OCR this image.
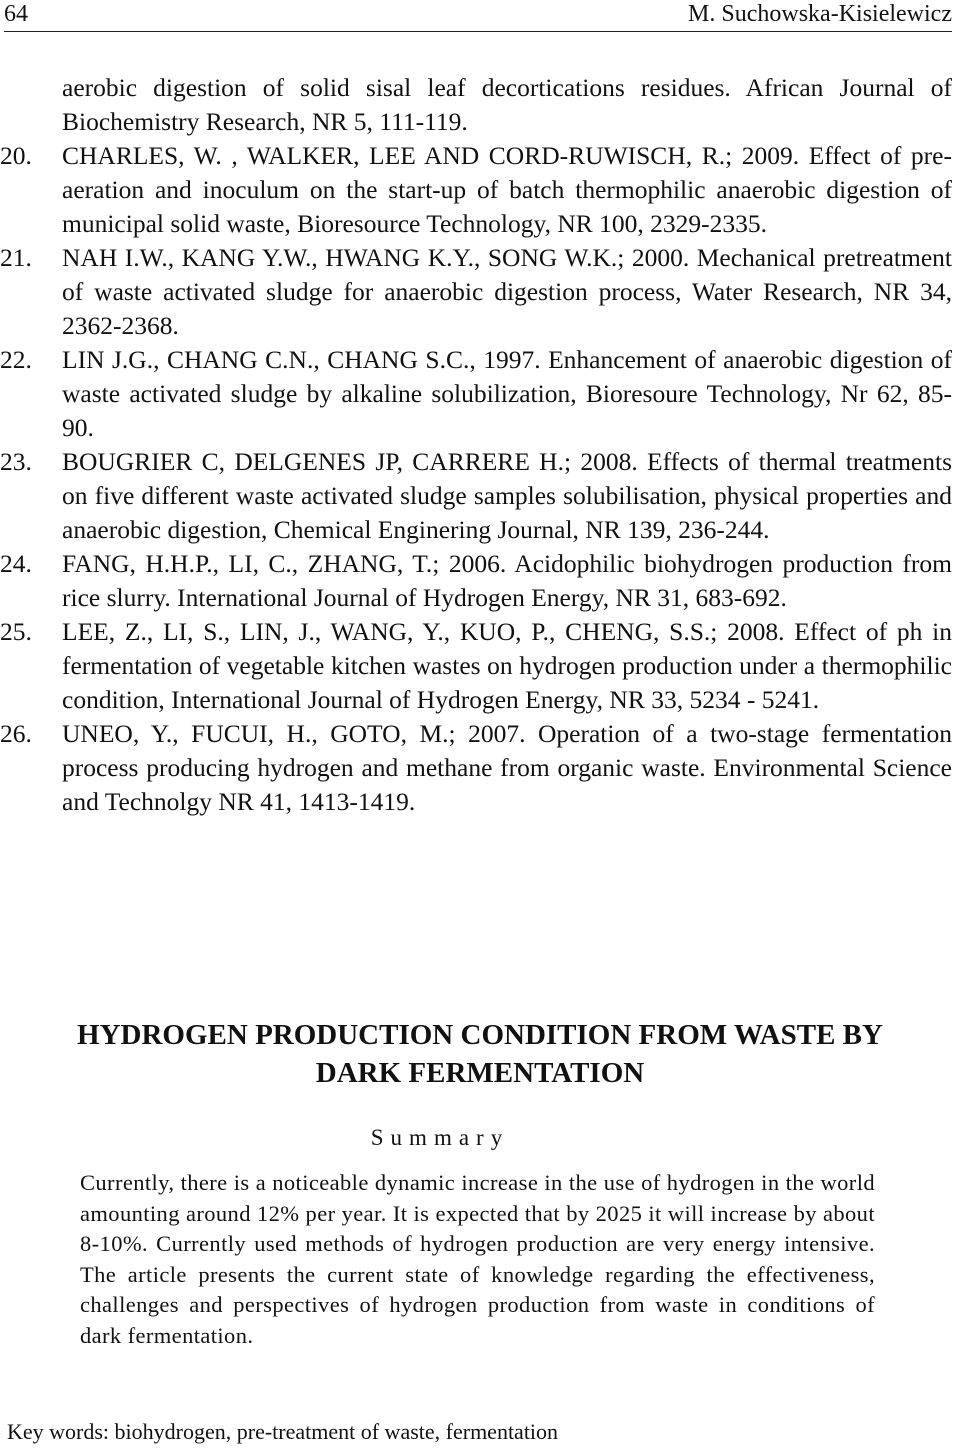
64	M. Suchowska-Kisielewicz

aerobic digestion of solid sisal leaf decortications residues. African Journal of Biochemistry Research, NR 5, 111-119.

20. CHARLES, W. , WALKER, LEE AND CORD-RUWISCH, R.; 2009. Effect of pre-aeration and inoculum on the start-up of batch thermophilic anaerobic digestion of municipal solid waste, Bioresource Technology, NR 100, 2329-2335.

21. NAH I.W., KANG Y.W., HWANG K.Y., SONG W.K.; 2000. Mechanical pretreatment of waste activated sludge for anaerobic digestion process, Water Research, NR 34, 2362-2368.

22. LIN J.G., CHANG C.N., CHANG S.C., 1997. Enhancement of anaerobic digestion of waste activated sludge by alkaline solubilization, Bioresoure Technology, Nr 62, 85-90.

23. BOUGRIER C, DELGENES JP, CARRERE H.; 2008. Effects of thermal treatments on five different waste activated sludge samples solubilisation, physical properties and anaerobic digestion, Chemical Enginering Journal, NR 139, 236-244.

24. FANG, H.H.P., LI, C., ZHANG, T.; 2006. Acidophilic biohydrogen production from rice slurry. International Journal of Hydrogen Energy, NR 31, 683-692.

25. LEE, Z., LI, S., LIN, J., WANG, Y., KUO, P., CHENG, S.S.; 2008. Effect of ph in fermentation of vegetable kitchen wastes on hydrogen production under a thermophilic condition, International Journal of Hydrogen Energy, NR 33, 5234 - 5241.

26. UNEO, Y., FUCUI, H., GOTO, M.; 2007. Operation of a two-stage fermentation process producing hydrogen and methane from organic waste. Environmental Science and Technolgy NR 41, 1413-1419.

HYDROGEN PRODUCTION CONDITION FROM WASTE BY
DARK FERMENTATION
Summary

Currently, there is a noticeable dynamic increase in the use of hydrogen in the world amounting around 12% per year. It is expected that by 2025 it will increase by about 8-10%. Currently used methods of hydrogen production are very energy intensive. The article presents the current state of knowledge regarding the effectiveness, challenges and perspectives of hydrogen production from waste in conditions of dark fermentation.

Key words: biohydrogen, pre-treatment of waste, fermentation
